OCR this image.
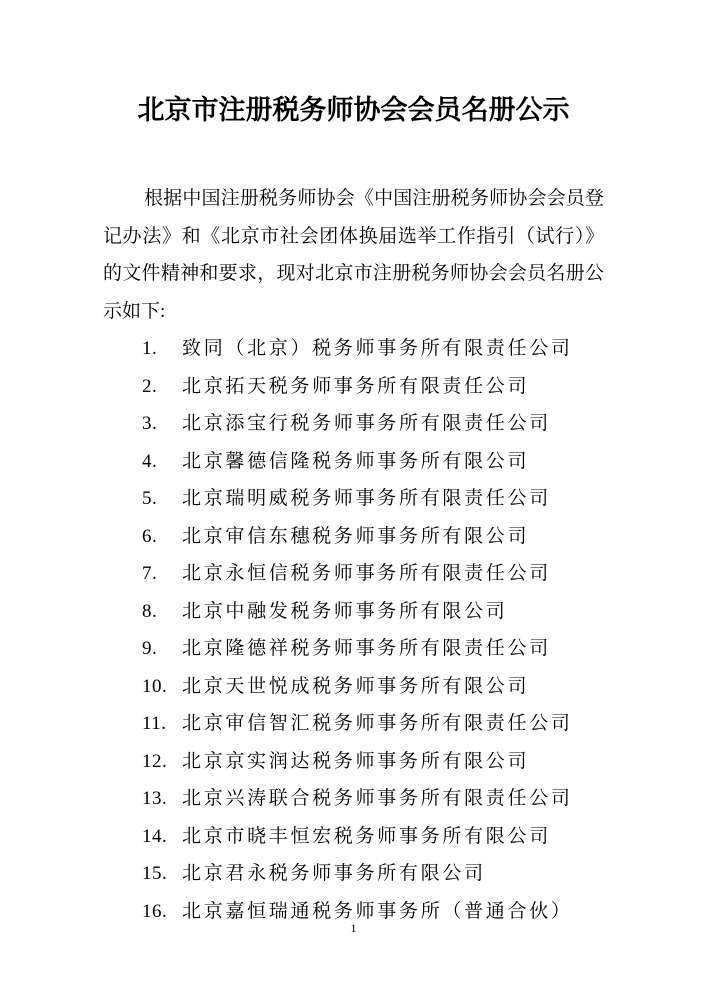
北京市注册税务师协会会员名册公示
根据中国注册税务师协会《中国注册税务师协会会员登
记办法》和《北京市社会团体换届选举工作指引（试行）》
的文件精神和要求，现对北京市注册税务师协会会员名册公
示如下:
1.	致同（北京）税务师事务所有限责任公司
2.	北京拓天税务师事务所有限责任公司
3.	北京添宝行税务师事务所有限责任公司
4.	北京馨德信隆税务师事务所有限公司
5.	北京瑞明威税务师事务所有限责任公司
6.	北京审信东穗税务师事务所有限公司
7.	北京永恒信税务师事务所有限责任公司
8.	北京中融发税务师事务所有限公司
9.	北京隆德祥税务师事务所有限责任公司
10. 北京天世悦成税务师事务所有限公司
11. 北京审信智汇税务师事务所有限责任公司
12. 北京京实润达税务师事务所有限公司
13. 北京兴涛联合税务师事务所有限责任公司
14. 北京市晓丰恒宏税务师事务所有限公司
15. 北京君永税务师事务所有限公司
16. 北京嘉恒瑞通税务师事务所（普通合伙）
1
